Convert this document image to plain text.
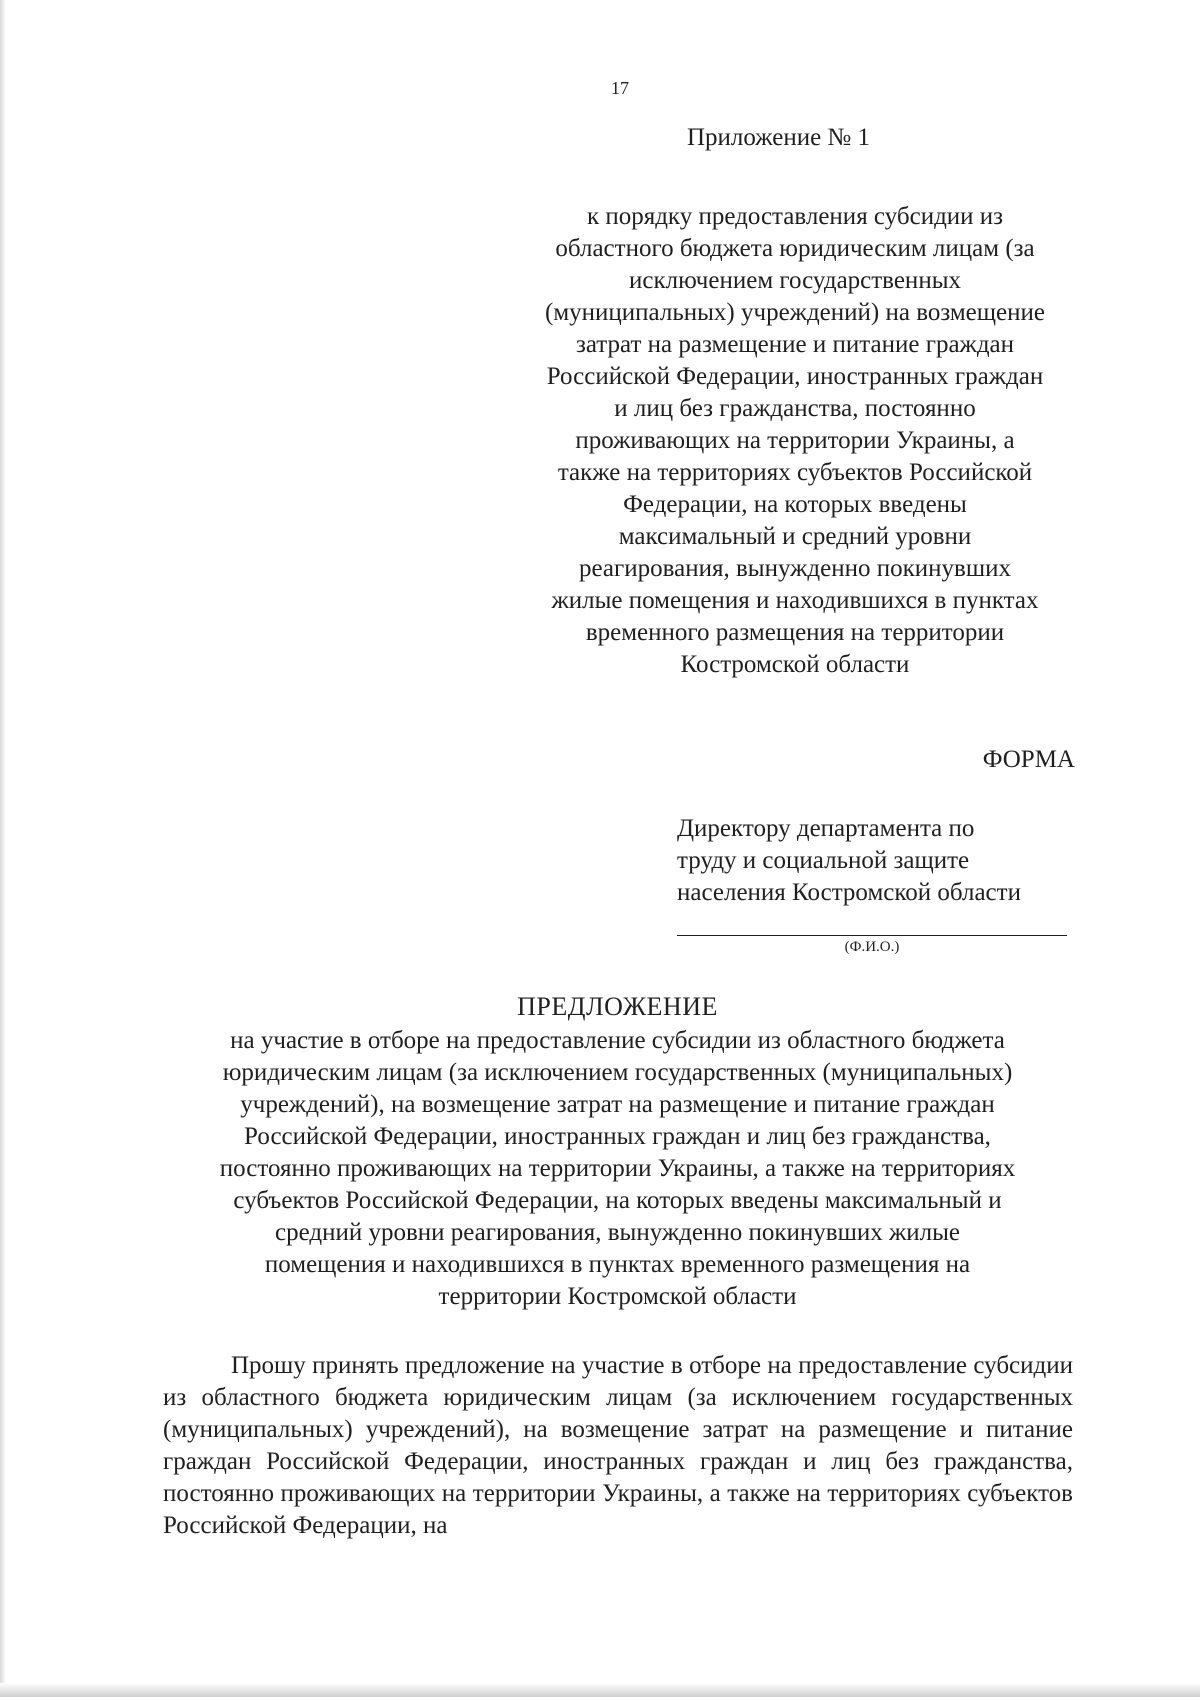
17
Приложение № 1
к порядку предоставления субсидии из
областного бюджета юридическим лицам (за
исключением государственных
(муниципальных) учреждений) на возмещение
затрат на размещение и питание граждан
Российской Федерации, иностранных граждан
и лиц без гражданства, постоянно
проживающих на территории Украины, а
также на территориях субъектов Российской
Федерации, на которых введены
максимальный и средний уровни
реагирования, вынужденно покинувших
жилые помещения и находившихся в пунктах
временного размещения на территории
Костромской области
ФОРМА
Директору департамента по
труду и социальной защите
населения Костромской области
(Ф.И.О.)
ПРЕДЛОЖЕНИЕ
на участие в отборе на предоставление субсидии из областного бюджета
юридическим лицам (за исключением государственных (муниципальных)
учреждений), на возмещение затрат на размещение и питание граждан
Российской Федерации, иностранных граждан и лиц без гражданства,
постоянно проживающих на территории Украины, а также на территориях
субъектов Российской Федерации, на которых введены максимальный и
средний уровни реагирования, вынужденно покинувших жилые
помещения и находившихся в пунктах временного размещения на
территории Костромской области
Прошу принять предложение на участие в отборе на предоставление субсидии из областного бюджета юридическим лицам (за исключением государственных (муниципальных) учреждений), на возмещение затрат на размещение и питание граждан Российской Федерации, иностранных граждан и лиц без гражданства, постоянно проживающих на территории Украины, а также на территориях субъектов Российской Федерации, на
